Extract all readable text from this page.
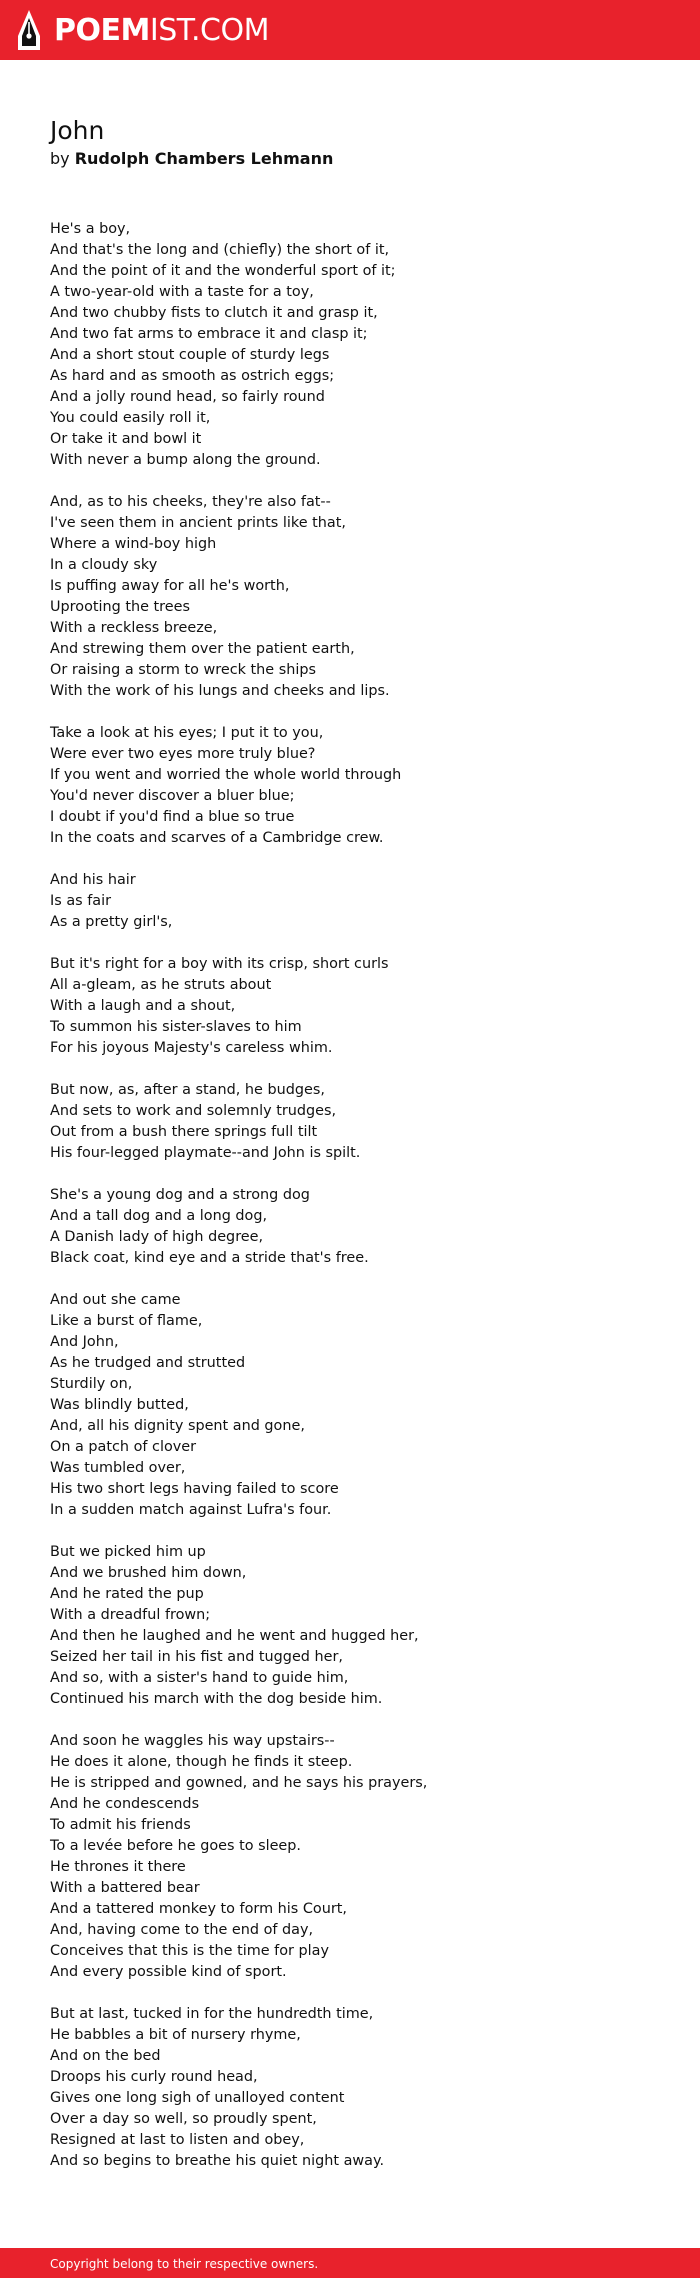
POEM IST.COM
John
by Rudolph Chambers Lehmann
He's a boy,
And that's the long and (chiefly) the short of it,
And the point of it and the wonderful sport of it;
A two-year-old with a taste for a toy,
And two chubby fists to clutch it and grasp it,
And two fat arms to embrace it and clasp it;
And a short stout couple of sturdy legs
As hard and as smooth as ostrich eggs;
And a jolly round head, so fairly round
You could easily roll it,
Or take it and bowl it
With never a bump along the ground.
And, as to his cheeks, they're also fat--
I've seen them in ancient prints like that,
Where a wind-boy high
In a cloudy sky
Is puffing away for all he's worth,
Uprooting the trees
With a reckless breeze,
And strewing them over the patient earth,
Or raising a storm to wreck the ships
With the work of his lungs and cheeks and lips.
Take a look at his eyes; I put it to you,
Were ever two eyes more truly blue?
If you went and worried the whole world through
You'd never discover a bluer blue;
I doubt if you'd find a blue so true
In the coats and scarves of a Cambridge crew.
And his hair
Is as fair
As a pretty girl's,
But it's right for a boy with its crisp, short curls
All a-gleam, as he struts about
With a laugh and a shout,
To summon his sister-slaves to him
For his joyous Majesty's careless whim.
But now, as, after a stand, he budges,
And sets to work and solemnly trudges,
Out from a bush there springs full tilt
His four-legged playmate--and John is spilt.
She's a young dog and a strong dog
And a tall dog and a long dog,
A Danish lady of high degree,
Black coat, kind eye and a stride that's free.
And out she came
Like a burst of flame,
And John,
As he trudged and strutted
Sturdily on,
Was blindly butted,
And, all his dignity spent and gone,
On a patch of clover
Was tumbled over,
His two short legs having failed to score
In a sudden match against Lufra's four.
But we picked him up
And we brushed him down,
And he rated the pup
With a dreadful frown;
And then he laughed and he went and hugged her,
Seized her tail in his fist and tugged her,
And so, with a sister's hand to guide him,
Continued his march with the dog beside him.
And soon he waggles his way upstairs--
He does it alone, though he finds it steep.
He is stripped and gowned, and he says his prayers,
And he condescends
To admit his friends
To a levée before he goes to sleep.
He thrones it there
With a battered bear
And a tattered monkey to form his Court,
And, having come to the end of day,
Conceives that this is the time for play
And every possible kind of sport.
But at last, tucked in for the hundredth time,
He babbles a bit of nursery rhyme,
And on the bed
Droops his curly round head,
Gives one long sigh of unalloyed content
Over a day so well, so proudly spent,
Resigned at last to listen and obey,
And so begins to breathe his quiet night away.
Copyright belong to their respective owners.
